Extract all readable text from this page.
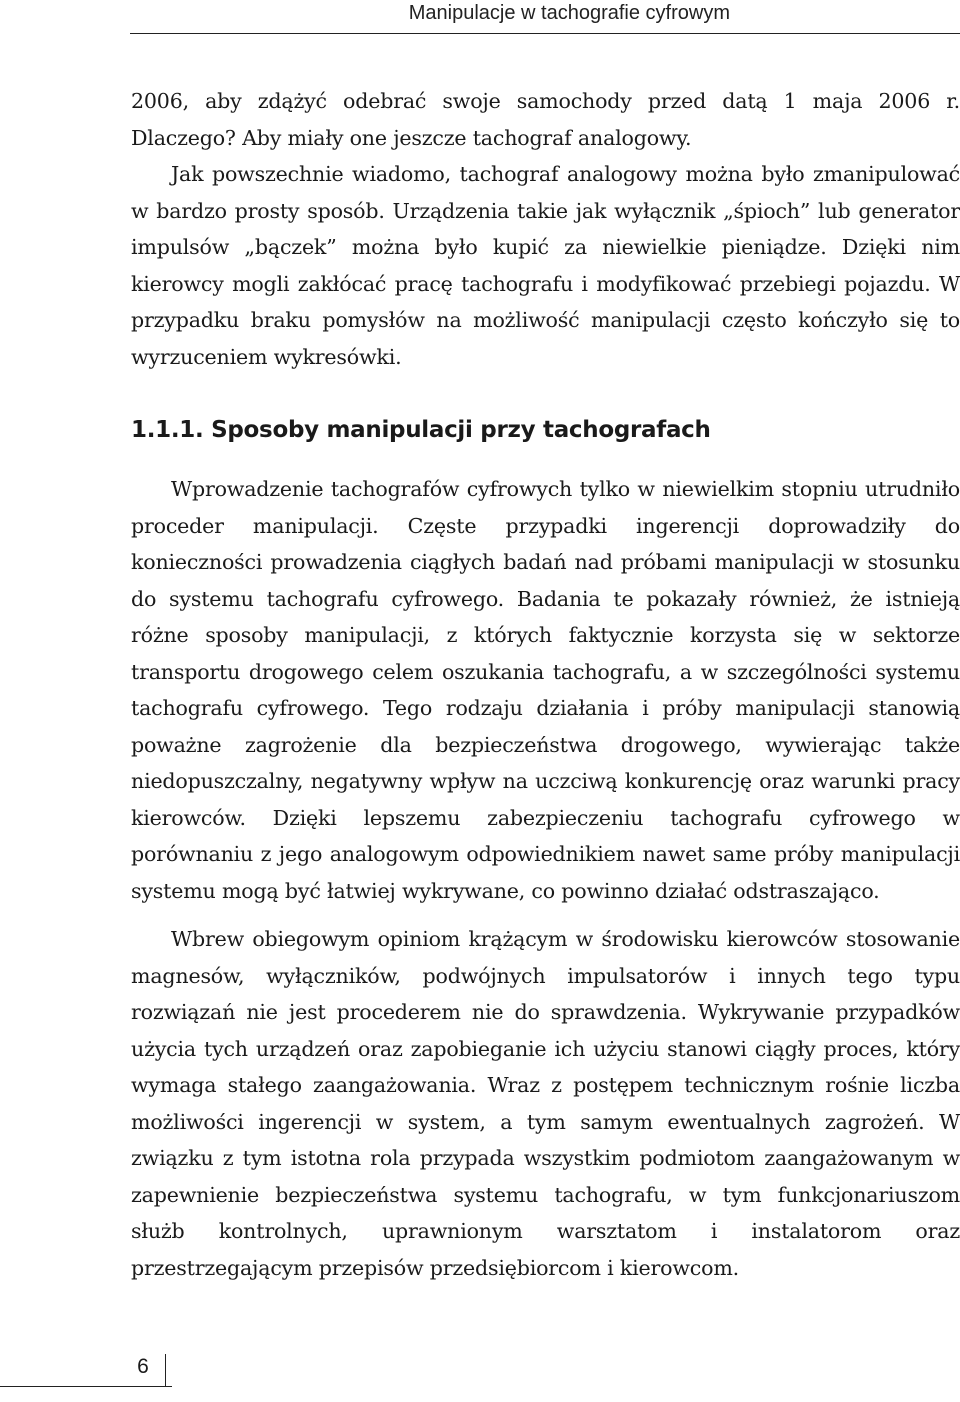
Manipulacje w tachografie cyfrowym

2006, aby zdążyć odebrać swoje samochody przed datą 1 maja 2006 r. Dlaczego? Aby miały one jeszcze tachograf analogowy.

Jak powszechnie wiadomo, tachograf analogowy można było zmanipulować w bardzo prosty sposób. Urządzenia takie jak wyłącznik „śpioch” lub generator impulsów „bączek” można było kupić za niewielkie pieniądze. Dzięki nim kierowcy mogli zakłócać pracę tachografu i modyfikować przebiegi pojazdu. W przypadku braku pomysłów na możliwość manipulacji często kończyło się to wyrzuceniem wykresówki.

1.1.1. Sposoby manipulacji przy tachografach

Wprowadzenie tachografów cyfrowych tylko w niewielkim stopniu utrudniło proceder manipulacji. Częste przypadki ingerencji doprowadziły do konieczności prowadzenia ciągłych badań nad próbami manipulacji w stosunku do systemu tachografu cyfrowego. Badania te pokazały również, że istnieją różne sposoby manipulacji, z których faktycznie korzysta się w sektorze transportu drogowego celem oszukania tachografu, a w szczególności systemu tachografu cyfrowego. Tego rodzaju działania i próby manipulacji stanowią poważne zagrożenie dla bezpieczeństwa drogowego, wywierając także niedopuszczalny, negatywny wpływ na uczciwą konkurencję oraz warunki pracy kierowców. Dzięki lepszemu zabezpieczeniu tachografu cyfrowego w porównaniu z jego analogowym odpowiednikiem nawet same próby manipulacji systemu mogą być łatwiej wykrywane, co powinno działać odstraszająco.

Wbrew obiegowym opiniom krążącym w środowisku kierowców stosowanie magnesów, wyłączników, podwójnych impulsatorów i innych tego typu rozwiązań nie jest procederem nie do sprawdzenia. Wykrywanie przypadków użycia tych urządzeń oraz zapobieganie ich użyciu stanowi ciągły proces, który wymaga stałego zaangażowania. Wraz z postępem technicznym rośnie liczba możliwości ingerencji w system, a tym samym ewentualnych zagrożeń. W związku z tym istotna rola przypada wszystkim podmiotom zaangażowanym w zapewnienie bezpieczeństwa systemu tachografu, w tym funkcjonariuszom służb kontrolnych, uprawnionym warsztatom i instalatorom oraz przestrzegającym przepisów przedsiębiorcom i kierowcom.

6
